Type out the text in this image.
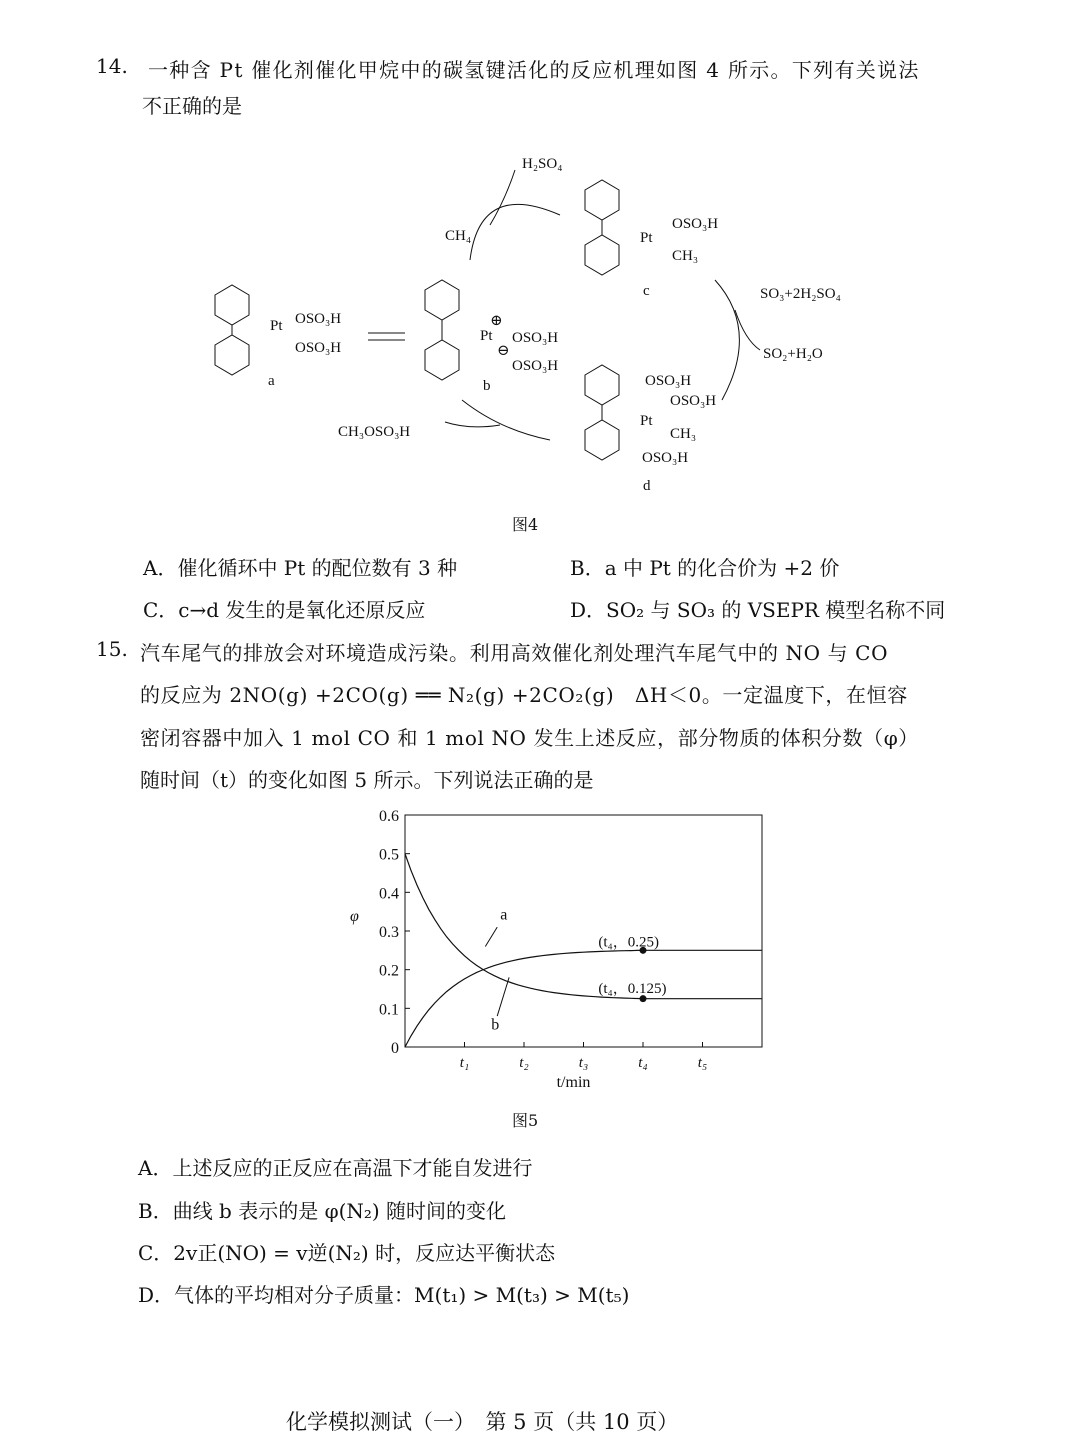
14. 一种含 Pt 催化剂催化甲烷中的碳氢键活化的反应机理如图 4 所示。下列有关说法
不正确的是
H₂SO₄
CH₄
SO₃+2H₂SO₄
SO₂+H₂O
CH₃OSO₃H
Pt OSO₃H
OSO₃H
a
Pt
⊕
OSO₃H
⊖
OSO₃H
b
Pt
OSO₃H
CH₃
c
Pt
OSO₃H
OSO₃H
CH₃
OSO₃H
d
图4
A．催化循环中 Pt 的配位数有 3 种	B．a 中 Pt 的化合价为 +2 价
C．c→d 发生的是氧化还原反应	D．SO₂ 与 SO₃ 的 VSEPR 模型名称不同
15. 汽车尾气的排放会对环境造成污染。利用高效催化剂处理汽车尾气中的 NO 与 CO
的反应为 2NO(g) +2CO(g) ══ N₂(g) +2CO₂(g)　ΔH＜0。一定温度下，在恒容
密闭容器中加入 1 mol CO 和 1 mol NO 发生上述反应，部分物质的体积分数（φ）
随时间（t）的变化如图 5 所示。下列说法正确的是
0
0.1
0.2
0.3
0.4
0.5
0.6
t₁	t₂	t₃	t₄	t₅
t/min
φ	a
b
(t₄，0.25)
(t₄，0.125)
图5
A．上述反应的正反应在高温下才能自发进行
B．曲线 b 表示的是 φ(N₂) 随时间的变化
C．2v正(NO) = v逆(N₂) 时，反应达平衡状态
D．气体的平均相对分子质量：M(t₁) > M(t₃) > M(t₅)
化学模拟测试（一）　第 5 页（共 10 页）
